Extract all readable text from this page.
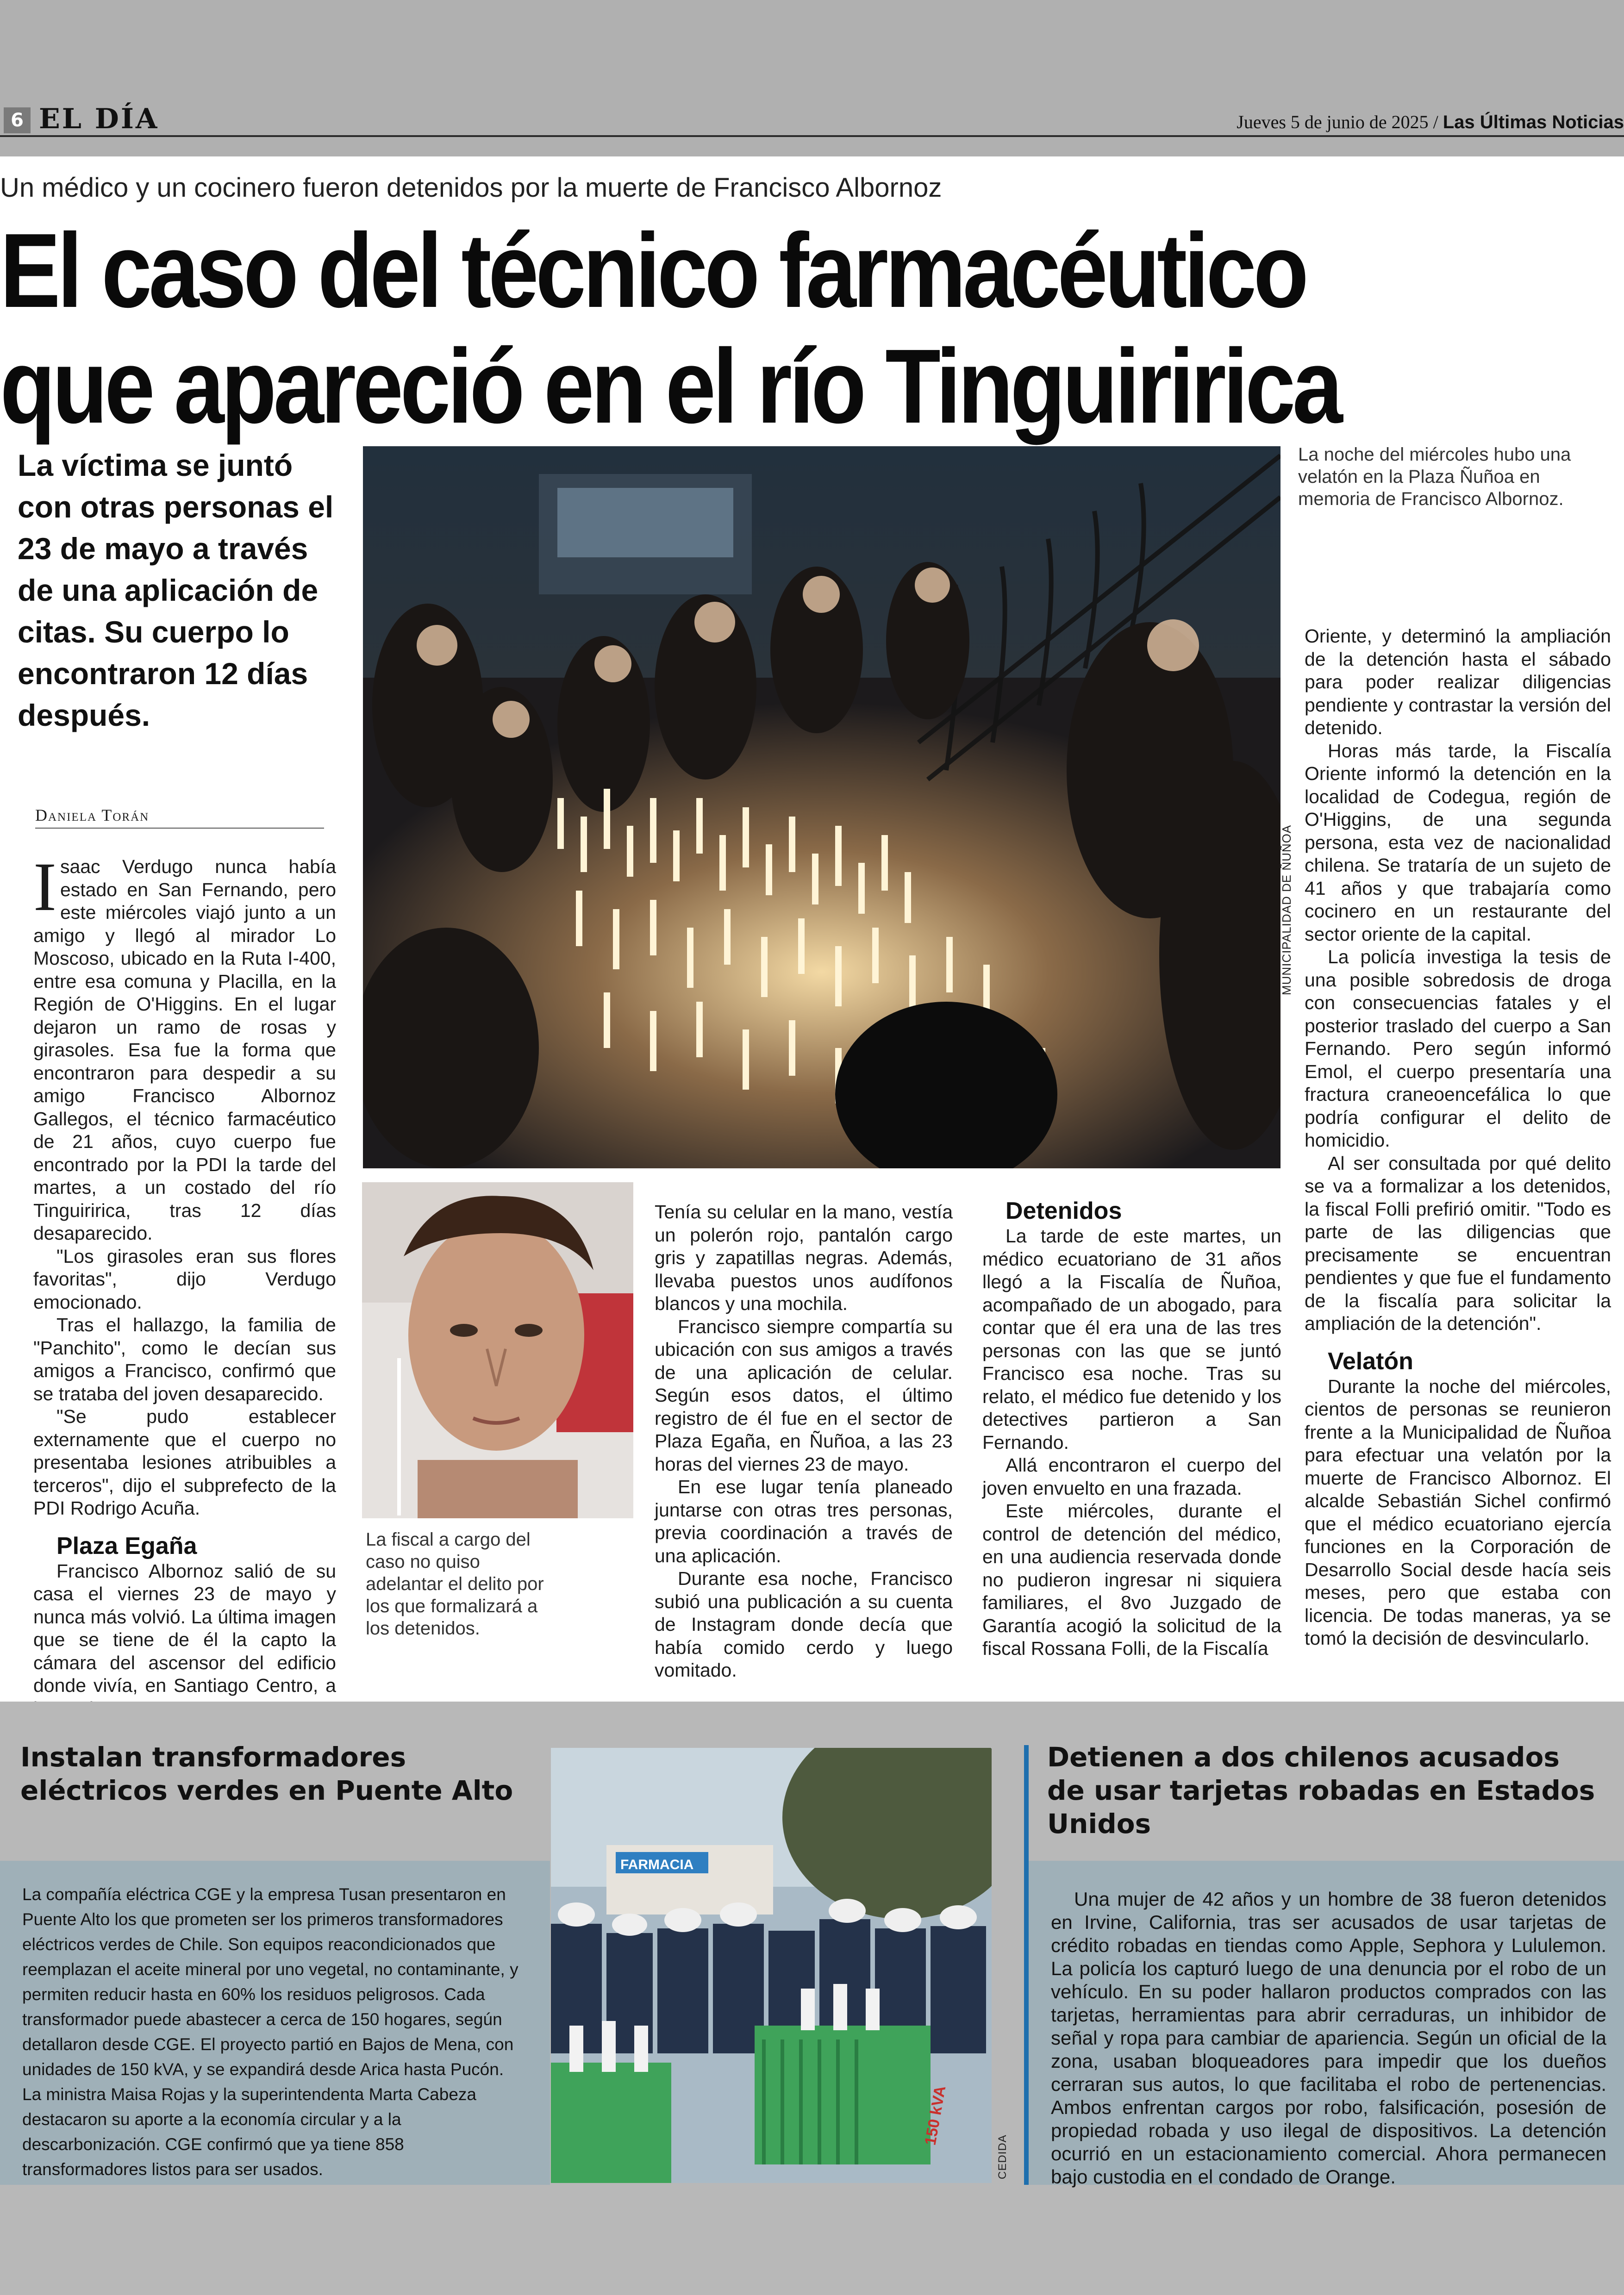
6 EL DÍA	Jueves 5 de junio de 2025 / Las Últimas Noticias
Un médico y un cocinero fueron detenidos por la muerte de Francisco Albornoz
El caso del técnico farmacéutico que apareció en el río Tinguiririca
La víctima se juntó con otras personas el 23 de mayo a través de una aplicación de citas. Su cuerpo lo encontraron 12 días después.
Daniela Torán

Isaac Verdugo nunca había estado en San Fernando, pero este miércoles viajó junto a un amigo y llegó al mirador Lo Moscoso, ubicado en la Ruta I-400, entre esa comuna y Placilla, en la Región de O'Higgins. En el lugar dejaron un ramo de rosas y girasoles. Esa fue la forma que encontraron para despedir a su amigo Francisco Albornoz Gallegos, el técnico farmacéutico de 21 años, cuyo cuerpo fue encontrado por la PDI la tarde del martes, a un costado del río Tinguiririca, tras 12 días desaparecido.

"Los girasoles eran sus flores favoritas", dijo Verdugo emocionado.

Tras el hallazgo, la familia de "Panchito", como le decían sus amigos a Francisco, confirmó que se trataba del joven desaparecido.

"Se pudo establecer externamente que el cuerpo no presentaba lesiones atribuibles a terceros", dijo el subprefecto de la PDI Rodrigo Acuña.

Plaza Egaña

Francisco Albornoz salió de su casa el viernes 23 de mayo y nunca más volvió. La última imagen que se tiene de él la capto la cámara del ascensor del edificio donde vivía, en Santiago Centro, a

MUNICIPALIDAD DE ÑUÑOA
La noche del miércoles hubo una velatón en la Plaza Ñuñoa en memoria de Francisco Albornoz.
La fiscal a cargo del caso no quiso adelantar el delito por los que formalizará a los detenidos.

Tenía su celular en la mano, vestía un polerón rojo, pantalón cargo gris y zapatillas negras. Además, llevaba puestos unos audífonos blancos y una mochila.

Francisco siempre compartía su ubicación con sus amigos a través de una aplicación de celular. Según esos datos, el último registro de él fue en el sector de Plaza Egaña, en Ñuñoa, a las 23 horas del viernes 23 de mayo.

En ese lugar tenía planeado juntarse con otras tres personas, previa coordinación a través de una aplicación.

Durante esa noche, Francisco subió una publicación a su cuenta de Instagram donde decía que había comido cerdo y luego vomitado.

Detenidos

La tarde de este martes, un médico ecuatoriano de 31 años llegó a la Fiscalía de Ñuñoa, acompañado de un abogado, para contar que él era una de las tres personas con las que se juntó Francisco esa noche. Tras su relato, el médico fue detenido y los detectives partieron a San Fernando.

Allá encontraron el cuerpo del joven envuelto en una frazada.

Este miércoles, durante el control de detención del médico, en una audiencia reservada donde no pudieron ingresar ni siquiera familiares, el 8vo Juzgado de Garantía acogió la solicitud de la fiscal Rossana Folli, de la Fiscalía

Oriente, y determinó la ampliación de la detención hasta el sábado para poder realizar diligencias pendiente y contrastar la versión del detenido.

Horas más tarde, la Fiscalía Oriente informó la detención en la localidad de Codegua, región de O'Higgins, de una segunda persona, esta vez de nacionalidad chilena. Se trataría de un sujeto de 41 años y que trabajaría como cocinero en un restaurante del sector oriente de la capital.

La policía investiga la tesis de una posible sobredosis de droga con consecuencias fatales y el posterior traslado del cuerpo a San Fernando. Pero según informó Emol, el cuerpo presentaría una fractura craneoencefálica lo que podría configurar el delito de homicidio.

Al ser consultada por qué delito se va a formalizar a los detenidos, la fiscal Folli prefirió omitir. "Todo es parte de las diligencias que precisamente se encuentran pendientes y que fue el fundamento de la fiscalía para solicitar la ampliación de la detención".

Velatón

Durante la noche del miércoles, cientos de personas se reunieron frente a la Municipalidad de Ñuñoa para efectuar una velatón por la muerte de Francisco Albornoz. El alcalde Sebastián Sichel confirmó que el médico ecuatoriano ejercía funciones en la Corporación de Desarrollo Social desde hacía seis meses, pero que estaba con licencia. De todas maneras, ya se tomó la decisión de desvincularlo.

Instalan transformadores eléctricos verdes en Puente Alto
La compañía eléctrica CGE y la empresa Tusan presentaron en Puente Alto los que prometen ser los primeros transformadores eléctricos verdes de Chile. Son equipos reacondicionados que reemplazan el aceite mineral por uno vegetal, no contaminante, y permiten reducir hasta en 60% los residuos peligrosos. Cada transformador puede abastecer a cerca de 150 hogares, según detallaron desde CGE. El proyecto partió en Bajos de Mena, con unidades de 150 kVA, y se expandirá desde Arica hasta Pucón. La ministra Maisa Rojas y la superintendenta Marta Cabeza destacaron su aporte a la economía circular y a la descarbonización. CGE confirmó que ya tiene 858 transformadores listos para ser usados.
FARMACIA
150 kVA
CEDIDA
Detienen a dos chilenos acusados de usar tarjetas robadas en Estados Unidos
Una mujer de 42 años y un hombre de 38 fueron detenidos en Irvine, California, tras ser acusados de usar tarjetas de crédito robadas en tiendas como Apple, Sephora y Lululemon. La policía los capturó luego de una denuncia por el robo de un vehículo. En su poder hallaron productos comprados con las tarjetas, herramientas para abrir cerraduras, un inhibidor de señal y ropa para cambiar de apariencia. Según un oficial de la zona, usaban bloqueadores para impedir que los dueños cerraran sus autos, lo que facilitaba el robo de pertenencias. Ambos enfrentan cargos por robo, falsificación, posesión de propiedad robada y uso ilegal de dispositivos. La detención ocurrió en un estacionamiento comercial. Ahora permanecen bajo custodia en el condado de Orange.
